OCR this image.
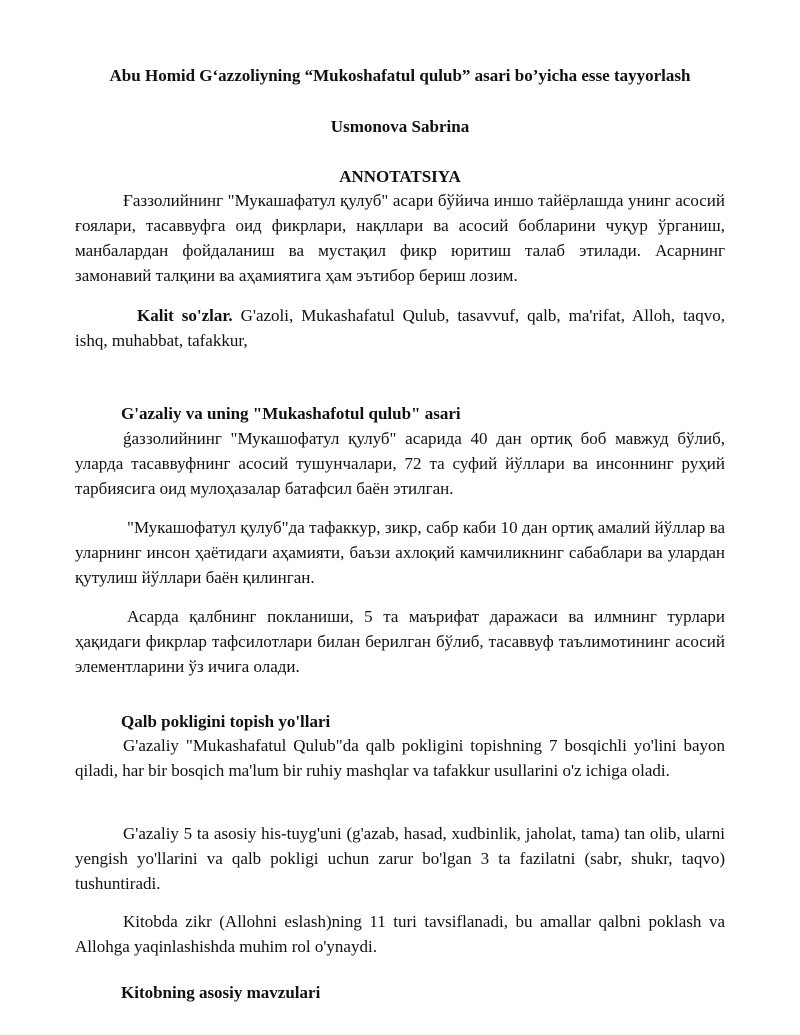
Abu Homid G‘azzoliyning “Mukoshafatul qulub” asari bo’yicha esse tayyorlash
Usmonova Sabrina
ANNOTATSIYA

Ғаззолийнинг "Мукашафатул қулуб" асари бўйича иншо тайёрлашда унинг асосий ғоялари, тасаввуфга оид фикрлари, нақллари ва асосий бобларини чуқур ўрганиш, манбалардан фойдаланиш ва мустақил фикр юритиш талаб этилади. Асарнинг замонавий талқини ва аҳамиятига ҳам эътибор бериш лозим.

Kalit so'zlar. G'azoli, Mukashafatul Qulub, tasavvuf, qalb, ma'rifat, Alloh, taqvo, ishq, muhabbat, tafakkur,

G'azaliy va uning "Mukashafotul qulub" asari

ǵаззолийнинг "Мукашофатул қулуб" асарида 40 дан ортиқ боб мавжуд бўлиб, уларда тасаввуфнинг асосий тушунчалари, 72 та суфий йўллари ва инсоннинг руҳий тарбиясига оид мулоҳазалар батафсил баён этилган.

"Мукашофатул қулуб"да тафаккур, зикр, сабр каби 10 дан ортиқ амалий йўллар ва уларнинг инсон ҳаётидаги аҳамияти, баъзи ахлоқий камчиликнинг сабаблари ва улардан қутулиш йўллари баён қилинган.

Асарда қалбнинг покланиши, 5 та маърифат даражаси ва илмнинг турлари ҳақидаги фикрлар тафсилотлари билан берилган бўлиб, тасаввуф таълимотининг асосий элементларини ўз ичига олади.

Qalb pokligini topish yo'llari

G'azaliy "Mukashafatul Qulub"da qalb pokligini topishning 7 bosqichli yo'lini bayon qiladi, har bir bosqich ma'lum bir ruhiy mashqlar va tafakkur usullarini o'z ichiga oladi.

G'azaliy 5 ta asosiy his-tuyg'uni (g'azab, hasad, xudbinlik, jaholat, tama) tan olib, ularni yengish yo'llarini va qalb pokligi uchun zarur bo'lgan 3 ta fazilatni (sabr, shukr, taqvo) tushuntiradi.

Kitobda zikr (Allohni eslash)ning 11 turi tavsiflanadi, bu amallar qalbni poklash va Allohga yaqinlashishda muhim rol o'ynaydi.

Kitobning asosiy mavzulari
